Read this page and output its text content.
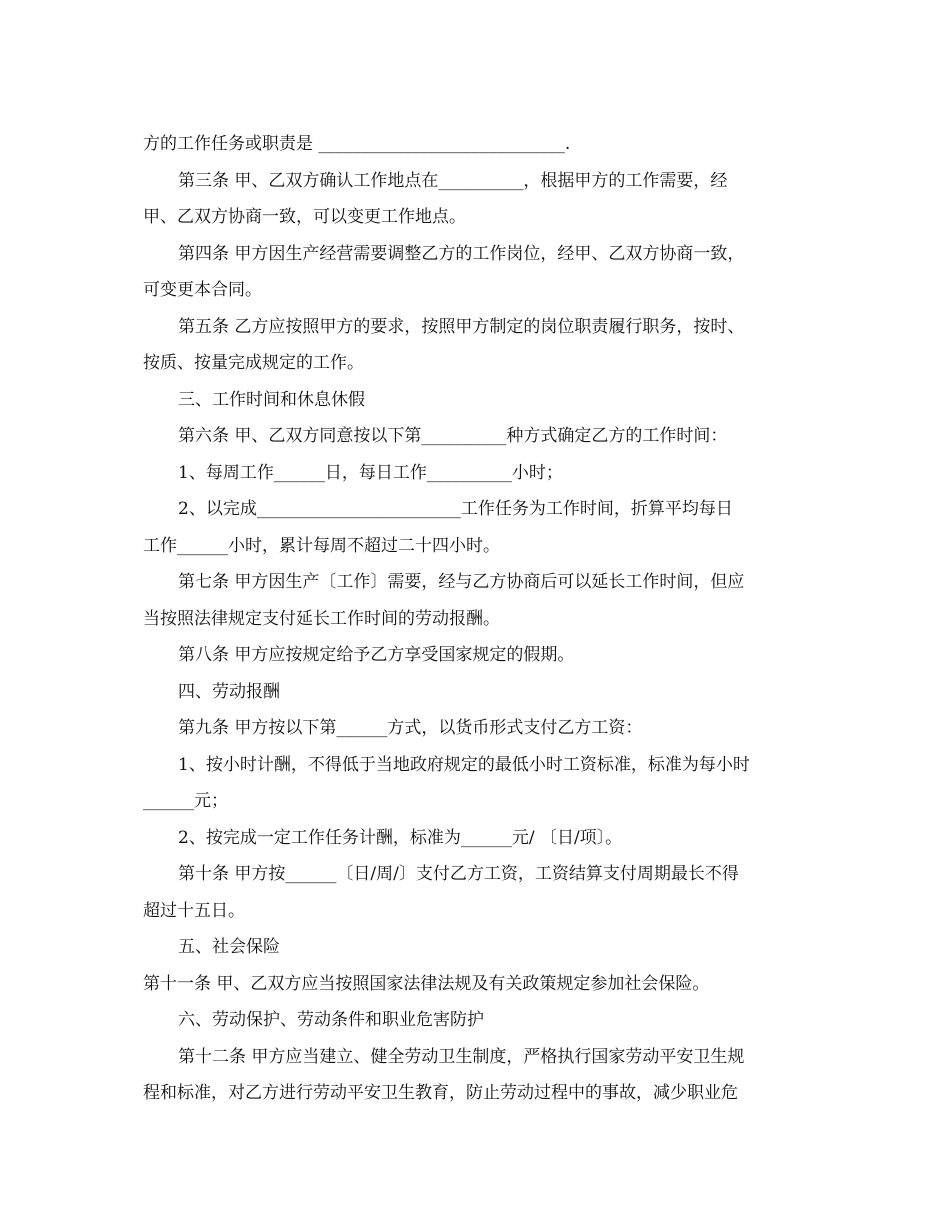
方的工作任务或职责是 _____________________________.
第三条 甲、乙双方确认工作地点在__________，根据甲方的工作需要，经
甲、乙双方协商一致，可以变更工作地点。
第四条 甲方因生产经营需要调整乙方的工作岗位，经甲、乙双方协商一致，
可变更本合同。
第五条 乙方应按照甲方的要求，按照甲方制定的岗位职责履行职务，按时、
按质、按量完成规定的工作。
三、工作时间和休息休假
第六条 甲、乙双方同意按以下第__________种方式确定乙方的工作时间：
1、每周工作______日，每日工作__________小时；
2、以完成________________________工作任务为工作时间，折算平均每日
工作______小时，累计每周不超过二十四小时。
第七条 甲方因生产〔工作〕需要，经与乙方协商后可以延长工作时间，但应
当按照法律规定支付延长工作时间的劳动报酬。
第八条 甲方应按规定给予乙方享受国家规定的假期。
四、劳动报酬
第九条 甲方按以下第______方式，以货币形式支付乙方工资：
1、按小时计酬，不得低于当地政府规定的最低小时工资标准，标准为每小时
______元；
2、按完成一定工作任务计酬，标准为______元/ 〔日/项〕。
第十条 甲方按______〔日/周/〕支付乙方工资，工资结算支付周期最长不得
超过十五日。
五、社会保险
第十一条 甲、乙双方应当按照国家法律法规及有关政策规定参加社会保险。
六、劳动保护、劳动条件和职业危害防护
第十二条 甲方应当建立、健全劳动卫生制度，严格执行国家劳动平安卫生规
程和标准，对乙方进行劳动平安卫生教育，防止劳动过程中的事故，减少职业危
